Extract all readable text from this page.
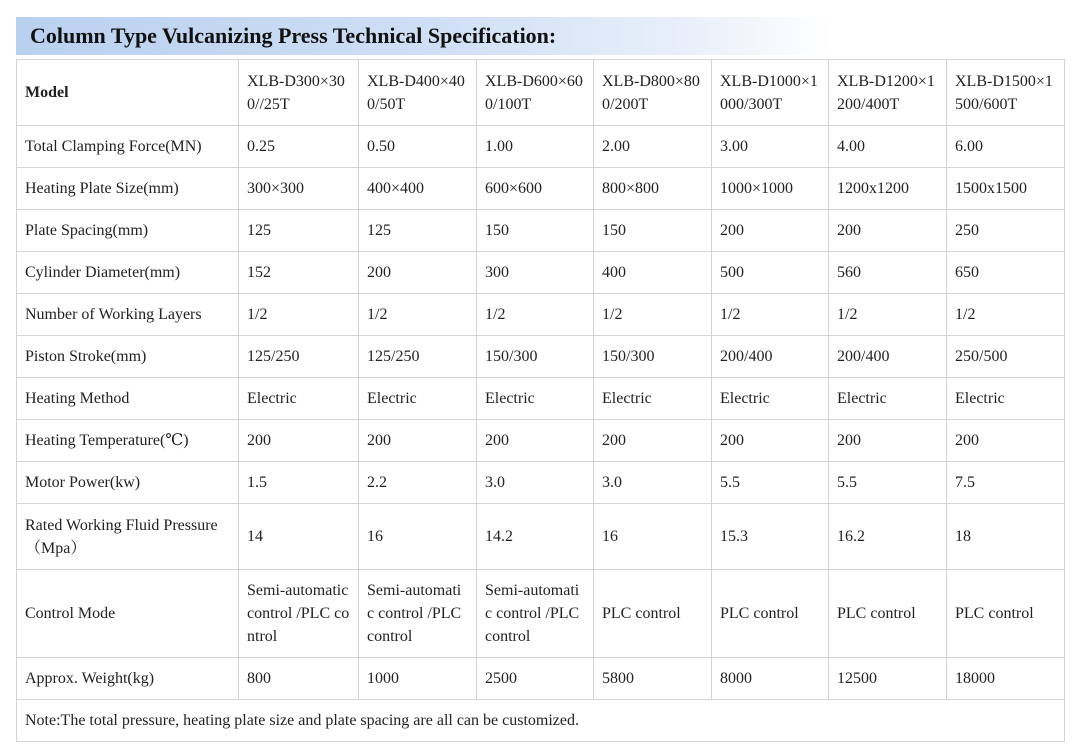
Column Type Vulcanizing Press Technical Specification:
Model	XLB-D300×300//25T	XLB-D400×400/50T	XLB-D600×600/100T	XLB-D800×800/200T	XLB-D1000×1000/300T	XLB-D1200×1200/400T	XLB-D1500×1500/600T
Total Clamping Force(MN)	0.25	0.50	1.00	2.00	3.00	4.00	6.00
Heating Plate Size(mm)	300×300	400×400	600×600	800×800	1000×1000	1200x1200	1500x1500
Plate Spacing(mm)	125	125	150	150	200	200	250
Cylinder Diameter(mm)	152	200	300	400	500	560	650
Number of Working Layers	1/2	1/2	1/2	1/2	1/2	1/2	1/2
Piston Stroke(mm)	125/250	125/250	150/300	150/300	200/400	200/400	250/500
Heating Method	Electric	Electric	Electric	Electric	Electric	Electric	Electric
Heating Temperature(℃)	200	200	200	200	200	200	200
Motor Power(kw)	1.5	2.2	3.0	3.0	5.5	5.5	7.5
Rated Working Fluid Pressure（Mpa）	14	16	14.2	16	15.3	16.2	18
Control Mode	Semi-automatic control /PLC control	Semi-automatic control /PLC control	Semi-automatic control /PLC control	PLC control	PLC control	PLC control	PLC control
Approx. Weight(kg)	800	1000	2500	5800	8000	12500	18000
Note:The total pressure, heating plate size and plate spacing are all can be customized.							
